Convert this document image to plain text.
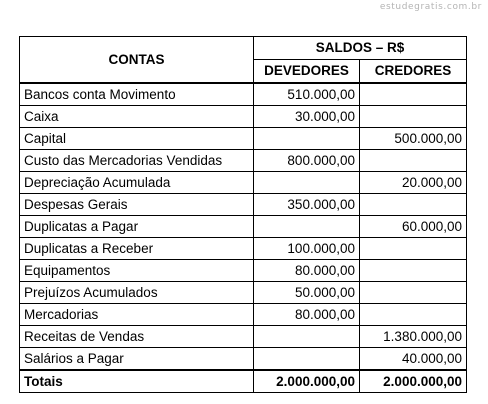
estudegratis.com.br
CONTAS	SALDOS – R$	
	DEVEDORES	CREDORES
Bancos conta Movimento	510.000,00	
Caixa	30.000,00	
Capital		500.000,00
Custo das Mercadorias Vendidas	800.000,00	
Depreciação Acumulada		20.000,00
Despesas Gerais	350.000,00	
Duplicatas a Pagar		60.000,00
Duplicatas a Receber	100.000,00	
Equipamentos	80.000,00	
Prejuízos Acumulados	50.000,00	
Mercadorias	80.000,00	
Receitas de Vendas		1.380.000,00
Salários a Pagar		40.000,00
Totais	2.000.000,00	2.000.000,00
